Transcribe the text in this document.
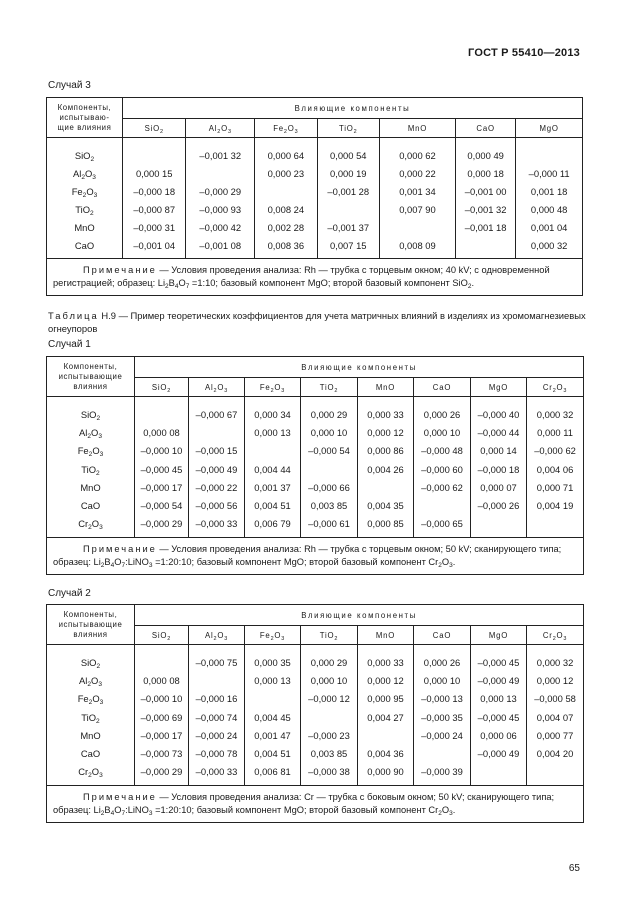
ГОСТ Р 55410—2013
Случай 3
Компоненты,
испытываю-
щие влияния	Влияющие компоненты						
	SiO$_2$	$Al_2O_3$	$Fe_2O_3$	TiO$_2$	MnO	CaO	MgO

SiO$_2$		–0,001 32	0,000 64	0,000 54	0,000 62	0,000 49	
$Al_2O_3$	0,000 15		0,000 23	0,000 19	0,000 22	0,000 18	–0,000 11
$Fe_2O_3$	–0,000 18	–0,000 29		–0,001 28	0,001 34	–0,001 00	0,001 18
TiO$_2$	–0,000 87	–0,000 93	0,008 24		0,007 90	–0,001 32	0,000 48
MnO	–0,000 31	–0,000 42	0,002 28	–0,001 37		–0,001 18	0,001 04
CaO	–0,001 04	–0,001 08	0,008 36	0,007 15	0,008 09		0,000 32

Примечание — Условия проведения анализа: Rh — трубка с торцевым окном; 40 kV; с одновременной регистрацией; образец: $Li_2B_4O_7$ =1:10; базовый компонент MgO; второй базовый компонент SiO$_2$.							
Таблица Н.9 — Пример теоретических коэффициентов для учета матричных влияний в изделиях из хромомагнезиевых огнеупоров
Случай 1
Компоненты,
испытывающие
влияния	Влияющие компоненты							
	SiO$_2$	$Al_2O_3$	$Fe_2O_3$	TiO$_2$	MnO	CaO	MgO	$Cr_2O_3$

SiO$_2$		–0,000 67	0,000 34	0,000 29	0,000 33	0,000 26	–0,000 40	0,000 32
$Al_2O_3$	0,000 08		0,000 13	0,000 10	0,000 12	0,000 10	–0,000 44	0,000 11
$Fe_2O_3$	–0,000 10	–0,000 15		–0,000 54	0,000 86	–0,000 48	0,000 14	–0,000 62
TiO$_2$	–0,000 45	–0,000 49	0,004 44		0,004 26	–0,000 60	–0,000 18	0,004 06
MnO	–0,000 17	–0,000 22	0,001 37	–0,000 66		–0,000 62	0,000 07	0,000 71
CaO	–0,000 54	–0,000 56	0,004 51	0,003 85	0,004 35		–0,000 26	0,004 19
$Cr_2O_3$	–0,000 29	–0,000 33	0,006 79	–0,000 61	0,000 85	–0,000 65		

Примечание — Условия проведения анализа: Rh — трубка с торцевым окном; 50 kV; сканирующего типа; образец: $Li_2B_4O_7:LiNO_3$ =1:20:10; базовый компонент MgO; второй базовый компонент $Cr_2O_3$.								
Случай 2
Компоненты,
испытывающие
влияния	Влияющие компоненты							
	SiO$_2$	$Al_2O_3$	$Fe_2O_3$	TiO$_2$	MnO	CaO	MgO	$Cr_2O_3$

SiO$_2$		–0,000 75	0,000 35	0,000 29	0,000 33	0,000 26	–0,000 45	0,000 32
$Al_2O_3$	0,000 08		0,000 13	0,000 10	0,000 12	0,000 10	–0,000 49	0,000 12
$Fe_2O_3$	–0,000 10	–0,000 16		–0,000 12	0,000 95	–0,000 13	0,000 13	–0,000 58
TiO$_2$	–0,000 69	–0,000 74	0,004 45		0,004 27	–0,000 35	–0,000 45	0,004 07
MnO	–0,000 17	–0,000 24	0,001 47	–0,000 23		–0,000 24	0,000 06	0,000 77
CaO	–0,000 73	–0,000 78	0,004 51	0,003 85	0,004 36		–0,000 49	0,004 20
$Cr_2O_3$	–0,000 29	–0,000 33	0,006 81	–0,000 38	0,000 90	–0,000 39		

Примечание — Условия проведения анализа: Cr — трубка с боковым окном; 50 kV; сканирующего типа; образец: $Li_2B_4O_7:LiNO_3$ =1:20:10; базовый компонент MgO; второй базовый компонент $Cr_2O_3$.								
65
